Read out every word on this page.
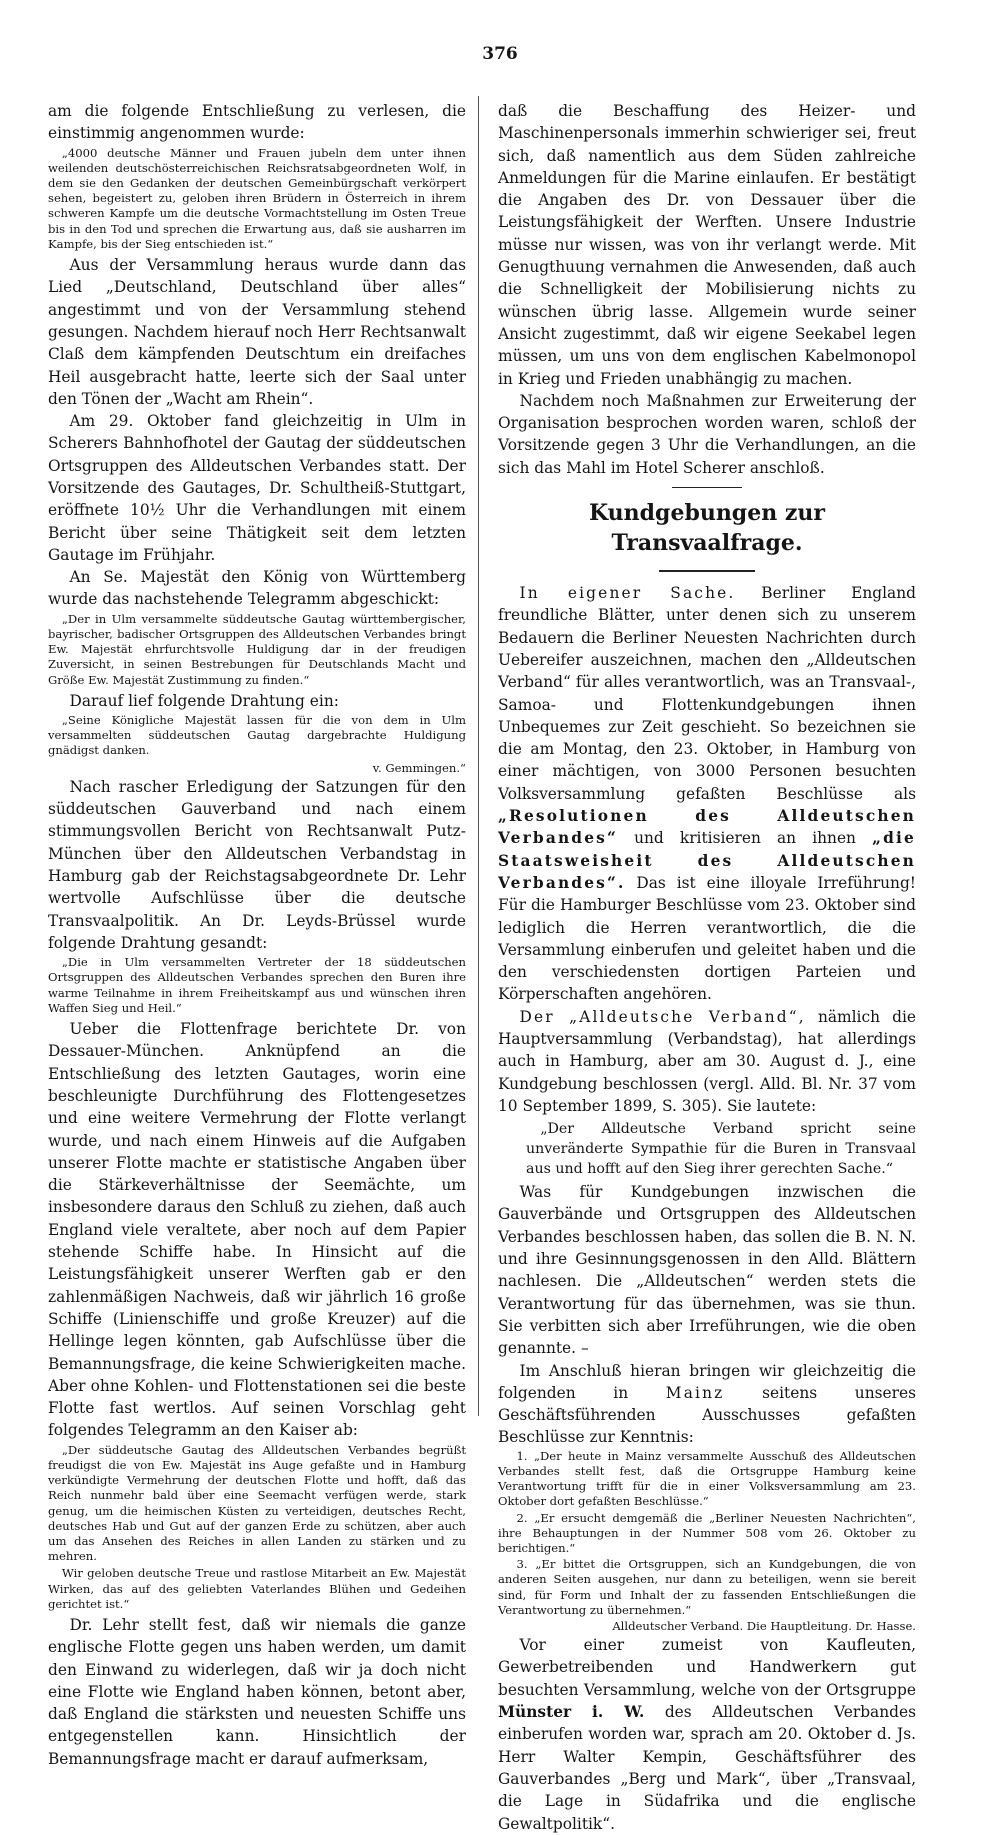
376

am die folgende Entschließung zu verlesen, die einstimmig angenommen wurde:

„4000 deutsche Männer und Frauen jubeln dem unter ihnen weilenden deutschösterreichischen Reichsratsabgeordneten Wolf, in dem sie den Gedanken der deutschen Gemeinbürgschaft verkörpert sehen, begeistert zu, geloben ihren Brüdern in Österreich in ihrem schweren Kampfe um die deutsche Vormachtstellung im Osten Treue bis in den Tod und sprechen die Erwartung aus, daß sie ausharren im Kampfe, bis der Sieg entschieden ist.“

Aus der Versammlung heraus wurde dann das Lied „Deutschland, Deutschland über alles“ angestimmt und von der Versammlung stehend gesungen. Nachdem hierauf noch Herr Rechtsanwalt Claß dem kämpfenden Deutschtum ein dreifaches Heil ausgebracht hatte, leerte sich der Saal unter den Tönen der „Wacht am Rhein“.

Am 29. Oktober fand gleichzeitig in Ulm in Scherers Bahnhofhotel der Gautag der süddeutschen Ortsgruppen des Alldeutschen Verbandes statt. Der Vorsitzende des Gautages, Dr. Schultheiß-Stuttgart, eröffnete 10½ Uhr die Verhandlungen mit einem Bericht über seine Thätigkeit seit dem letzten Gautage im Frühjahr.

An Se. Majestät den König von Württemberg wurde das nachstehende Telegramm abgeschickt:

„Der in Ulm versammelte süddeutsche Gautag württembergischer, bayrischer, badischer Ortsgruppen des Alldeutschen Verbandes bringt Ew. Majestät ehrfurchtsvolle Huldigung dar in der freudigen Zuversicht, in seinen Bestrebungen für Deutschlands Macht und Größe Ew. Majestät Zustimmung zu finden.“

Darauf lief folgende Drahtung ein:

„Seine Königliche Majestät lassen für die von dem in Ulm versammelten süddeutschen Gautag dargebrachte Huldigung gnädigst danken.

v. Gemmingen.“

Nach rascher Erledigung der Satzungen für den süddeutschen Gauverband und nach einem stimmungsvollen Bericht von Rechtsanwalt Putz-München über den Alldeutschen Verbandstag in Hamburg gab der Reichstagsabgeordnete Dr. Lehr wertvolle Aufschlüsse über die deutsche Transvaalpolitik. An Dr. Leyds-Brüssel wurde folgende Drahtung gesandt:

„Die in Ulm versammelten Vertreter der 18 süddeutschen Ortsgruppen des Alldeutschen Verbandes sprechen den Buren ihre warme Teilnahme in ihrem Freiheitskampf aus und wünschen ihren Waffen Sieg und Heil.“

Ueber die Flottenfrage berichtete Dr. von Dessauer-München. Anknüpfend an die Entschließung des letzten Gautages, worin eine beschleunigte Durchführung des Flottengesetzes und eine weitere Vermehrung der Flotte verlangt wurde, und nach einem Hinweis auf die Aufgaben unserer Flotte machte er statistische Angaben über die Stärkeverhältnisse der Seemächte, um insbesondere daraus den Schluß zu ziehen, daß auch England viele veraltete, aber noch auf dem Papier stehende Schiffe habe. In Hinsicht auf die Leistungsfähigkeit unserer Werften gab er den zahlenmäßigen Nachweis, daß wir jährlich 16 große Schiffe (Linienschiffe und große Kreuzer) auf die Hellinge legen könnten, gab Aufschlüsse über die Bemannungsfrage, die keine Schwierigkeiten mache. Aber ohne Kohlen- und Flottenstationen sei die beste Flotte fast wertlos. Auf seinen Vorschlag geht folgendes Telegramm an den Kaiser ab:

„Der süddeutsche Gautag des Alldeutschen Verbandes begrüßt freudigst die von Ew. Majestät ins Auge gefaßte und in Hamburg verkündigte Vermehrung der deutschen Flotte und hofft, daß das Reich nunmehr bald über eine Seemacht verfügen werde, stark genug, um die heimischen Küsten zu verteidigen, deutsches Recht, deutsches Hab und Gut auf der ganzen Erde zu schützen, aber auch um das Ansehen des Reiches in allen Landen zu stärken und zu mehren.

Wir geloben deutsche Treue und rastlose Mitarbeit an Ew. Majestät Wirken, das auf des geliebten Vaterlandes Blühen und Gedeihen gerichtet ist.“

Dr. Lehr stellt fest, daß wir niemals die ganze englische Flotte gegen uns haben werden, um damit den Einwand zu widerlegen, daß wir ja doch nicht eine Flotte wie England haben können, betont aber, daß England die stärksten und neuesten Schiffe uns entgegenstellen kann. Hinsichtlich der Bemannungsfrage macht er darauf aufmerksam,

daß die Beschaffung des Heizer- und Maschinenpersonals immerhin schwieriger sei, freut sich, daß namentlich aus dem Süden zahlreiche Anmeldungen für die Marine einlaufen. Er bestätigt die Angaben des Dr. von Dessauer über die Leistungsfähigkeit der Werften. Unsere Industrie müsse nur wissen, was von ihr verlangt werde. Mit Genugthuung vernahmen die Anwesenden, daß auch die Schnelligkeit der Mobilisierung nichts zu wünschen übrig lasse. Allgemein wurde seiner Ansicht zugestimmt, daß wir eigene Seekabel legen müssen, um uns von dem englischen Kabelmonopol in Krieg und Frieden unabhängig zu machen.

Nachdem noch Maßnahmen zur Erweiterung der Organisation besprochen worden waren, schloß der Vorsitzende gegen 3 Uhr die Verhandlungen, an die sich das Mahl im Hotel Scherer anschloß.

Kundgebungen zur Transvaalfrage.

In eigener Sache. Berliner England freundliche Blätter, unter denen sich zu unserem Bedauern die Berliner Neuesten Nachrichten durch Uebereifer auszeichnen, machen den „Alldeutschen Verband“ für alles verantwortlich, was an Transvaal-, Samoa- und Flottenkundgebungen ihnen Unbequemes zur Zeit geschieht. So bezeichnen sie die am Montag, den 23. Oktober, in Hamburg von einer mächtigen, von 3000 Personen besuchten Volksversammlung gefaßten Beschlüsse als „Resolutionen des Alldeutschen Verbandes“ und kritisieren an ihnen „die Staatsweisheit des Alldeutschen Verbandes“. Das ist eine illoyale Irreführung! Für die Hamburger Beschlüsse vom 23. Oktober sind lediglich die Herren verantwortlich, die die Versammlung einberufen und geleitet haben und die den verschiedensten dortigen Parteien und Körperschaften angehören.

Der „Alldeutsche Verband“, nämlich die Hauptversammlung (Verbandstag), hat allerdings auch in Hamburg, aber am 30. August d. J., eine Kundgebung beschlossen (vergl. Alld. Bl. Nr. 37 vom 10 September 1899, S. 305). Sie lautete:

„Der Alldeutsche Verband spricht seine unveränderte Sympathie für die Buren in Transvaal aus und hofft auf den Sieg ihrer gerechten Sache.“

Was für Kundgebungen inzwischen die Gauverbände und Ortsgruppen des Alldeutschen Verbandes beschlossen haben, das sollen die B. N. N. und ihre Gesinnungsgenossen in den Alld. Blättern nachlesen. Die „Alldeutschen“ werden stets die Verantwortung für das übernehmen, was sie thun. Sie verbitten sich aber Irreführungen, wie die oben genannte. –

Im Anschluß hieran bringen wir gleichzeitig die folgenden in Mainz seitens unseres Geschäftsführenden Ausschusses gefaßten Beschlüsse zur Kenntnis:

1. „Der heute in Mainz versammelte Ausschuß des Alldeutschen Verbandes stellt fest, daß die Ortsgruppe Hamburg keine Verantwortung trifft für die in einer Volksversammlung am 23. Oktober dort gefaßten Beschlüsse.“

2. „Er ersucht demgemäß die „Berliner Neuesten Nachrichten“, ihre Behauptungen in der Nummer 508 vom 26. Oktober zu berichtigen.“

3. „Er bittet die Ortsgruppen, sich an Kundgebungen, die von anderen Seiten ausgehen, nur dann zu beteiligen, wenn sie bereit sind, für Form und Inhalt der zu fassenden Entschließungen die Verantwortung zu übernehmen.“

Alldeutscher Verband. Die Hauptleitung. Dr. Hasse.

Vor einer zumeist von Kaufleuten, Gewerbetreibenden und Handwerkern gut besuchten Versammlung, welche von der Ortsgruppe Münster i. W. des Alldeutschen Verbandes einberufen worden war, sprach am 20. Oktober d. Js. Herr Walter Kempin, Geschäftsführer des Gauverbandes „Berg und Mark“, über „Transvaal, die Lage in Südafrika und die englische Gewaltpolitik“.
